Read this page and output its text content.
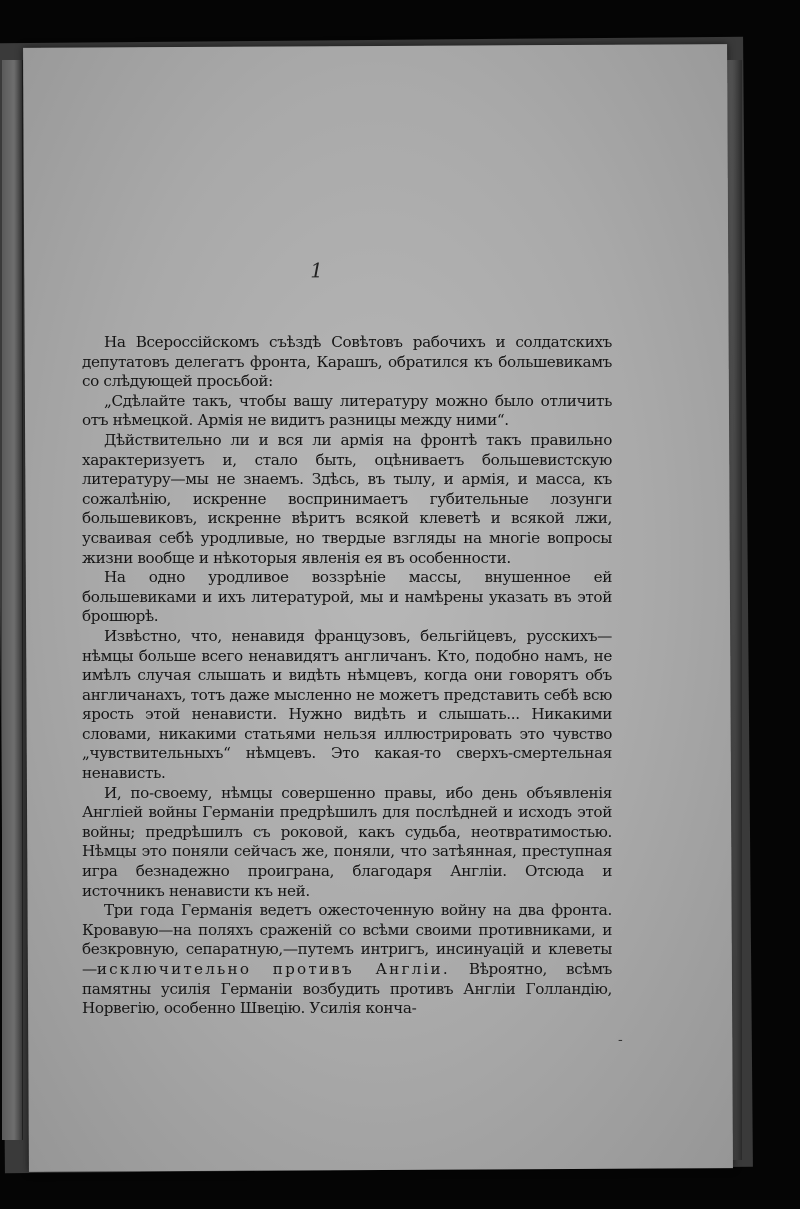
1

На Всероссійскомъ съѣздѣ Совѣтовъ рабочихъ и солдатскихъ депутатовъ делегатъ фронта, Карашъ, обратился къ большевикамъ со слѣдующей просьбой:

„Сдѣлайте такъ, чтобы вашу литературу можно было отличить отъ нѣмецкой. Армія не видитъ разницы между ними“.

Дѣйствительно ли и вся ли армія на фронтѣ такъ правильно характеризуетъ и, стало быть, оцѣниваетъ большевистскую литературу—мы не знаемъ. Здѣсь, въ тылу, и армія, и масса, къ сожалѣнію, искренне воспринимаетъ губительные лозунги большевиковъ, искренне вѣритъ всякой клеветѣ и всякой лжи, усваивая себѣ уродливые, но твердые взгляды на многіе вопросы жизни вообще и нѣкоторыя явленія ея въ особенности.

На одно уродливое воззрѣніе массы, внушенное ей большевиками и ихъ литературой, мы и намѣрены указать въ этой брошюрѣ.

Извѣстно, что, ненавидя французовъ, бельгійцевъ, русскихъ—нѣмцы больше всего ненавидятъ англичанъ. Кто, подобно намъ, не имѣлъ случая слышать и видѣть нѣмцевъ, когда они говорятъ объ англичанахъ, тотъ даже мысленно не можетъ представить себѣ всю ярость этой ненависти. Нужно видѣть и слышать... Никакими словами, никакими статьями нельзя иллюстрировать это чувство „чувствительныхъ“ нѣмцевъ. Это какая-то сверхъ-смертельная ненависть.

И, по-своему, нѣмцы совершенно правы, ибо день объявленія Англіей войны Германіи предрѣшилъ для послѣдней и исходъ этой войны; предрѣшилъ съ роковой, какъ судьба, неотвратимостью. Нѣмцы это поняли сейчасъ же, поняли, что затѣянная, преступная игра безнадежно проиграна, благодаря Англіи. Отсюда и источникъ ненависти къ ней.

Три года Германія ведетъ ожесточенную войну на два фронта. Кровавую—на поляхъ сраженій со всѣми своими противниками, и безкровную, сепаратную,—путемъ интригъ, инсинуацій и клеветы—исключительно противъ Англіи. Вѣроятно, всѣмъ памятны усилія Германіи возбудить противъ Англіи Голландію, Норвегію, особенно Швецію. Усилія конча-

-
